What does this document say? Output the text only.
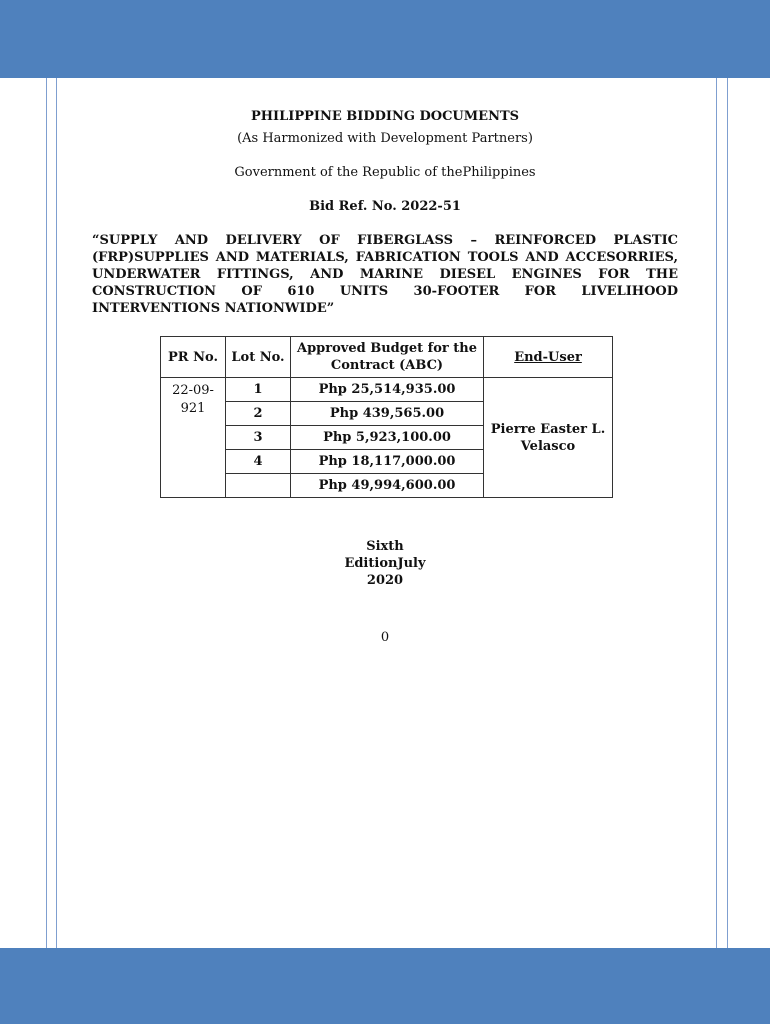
PHILIPPINE BIDDING DOCUMENTS

(As Harmonized with Development Partners)

Government of the Republic of thePhilippines

Bid Ref. No. 2022-51

“SUPPLY AND DELIVERY OF FIBERGLASS – REINFORCED PLASTIC (FRP)SUPPLIES AND MATERIALS, FABRICATION TOOLS AND ACCESORRIES, UNDERWATER FITTINGS, AND MARINE DIESEL ENGINES FOR THE CONSTRUCTION OF 610 UNITS 30-FOOTER FOR LIVELIHOOD INTERVENTIONS NATIONWIDE”

PR No.	Lot No.	Approved Budget for the Contract (ABC)	End-User
22-09-921	1	Php 25,514,935.00	Pierre Easter L. Velasco
	2	Php 439,565.00	
	3	Php 5,923,100.00	
	4	Php 18,117,000.00	
		Php 49,994,600.00	

Sixth EditionJuly 2020

0
